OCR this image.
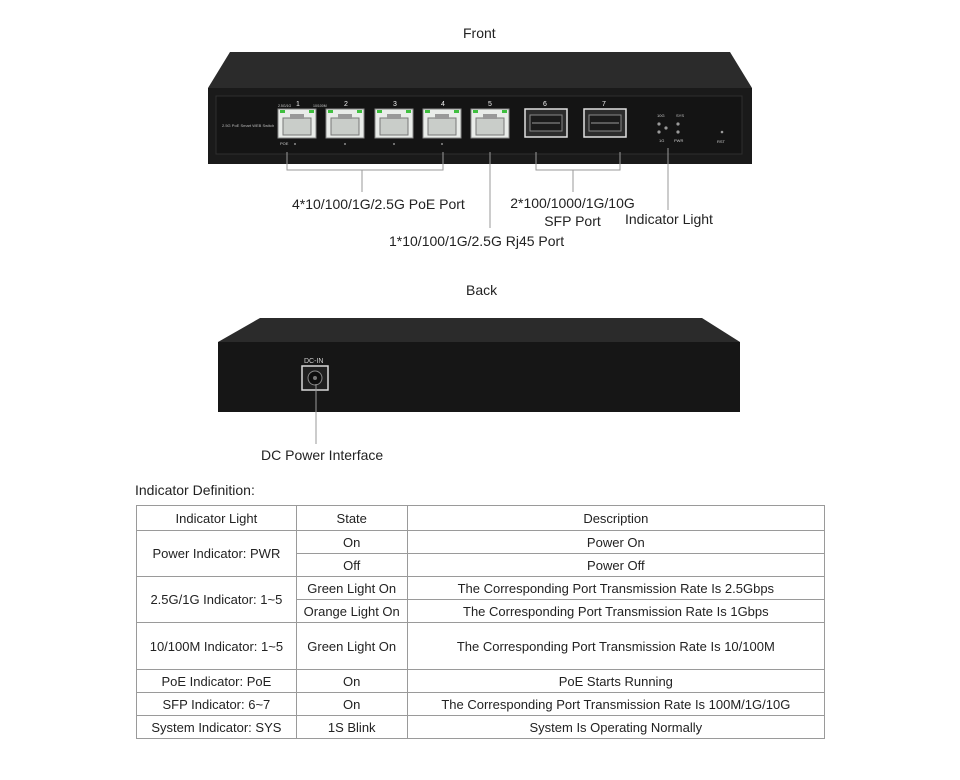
Front
2.5G PoE Smart WEB Switch
2.5G/1G	10/100M
POE
1	2	3	4	5	6	7
10G	SYS
1G PWR	RST
4*10/100/1G/2.5G PoE Port
1*10/100/1G/2.5G Rj45 Port
2*100/1000/1G/10G
SFP Port	Indicator Light
Back
DC-IN
DC Power Interface
Indicator Definition:
Indicator Light	State	Description
Power Indicator: PWR	On	Power On
	Off	Power Off
2.5G/1G Indicator: 1~5	Green Light On	The Corresponding Port Transmission Rate Is 2.5Gbps
	Orange Light On	The Corresponding Port Transmission Rate Is 1Gbps
10/100M Indicator: 1~5	Green Light On	The Corresponding Port Transmission Rate Is 10/100M
PoE Indicator: PoE	On	PoE Starts Running
SFP Indicator: 6~7	On	The Corresponding Port Transmission Rate Is 100M/1G/10G
System Indicator: SYS	1S Blink	System Is Operating Normally
